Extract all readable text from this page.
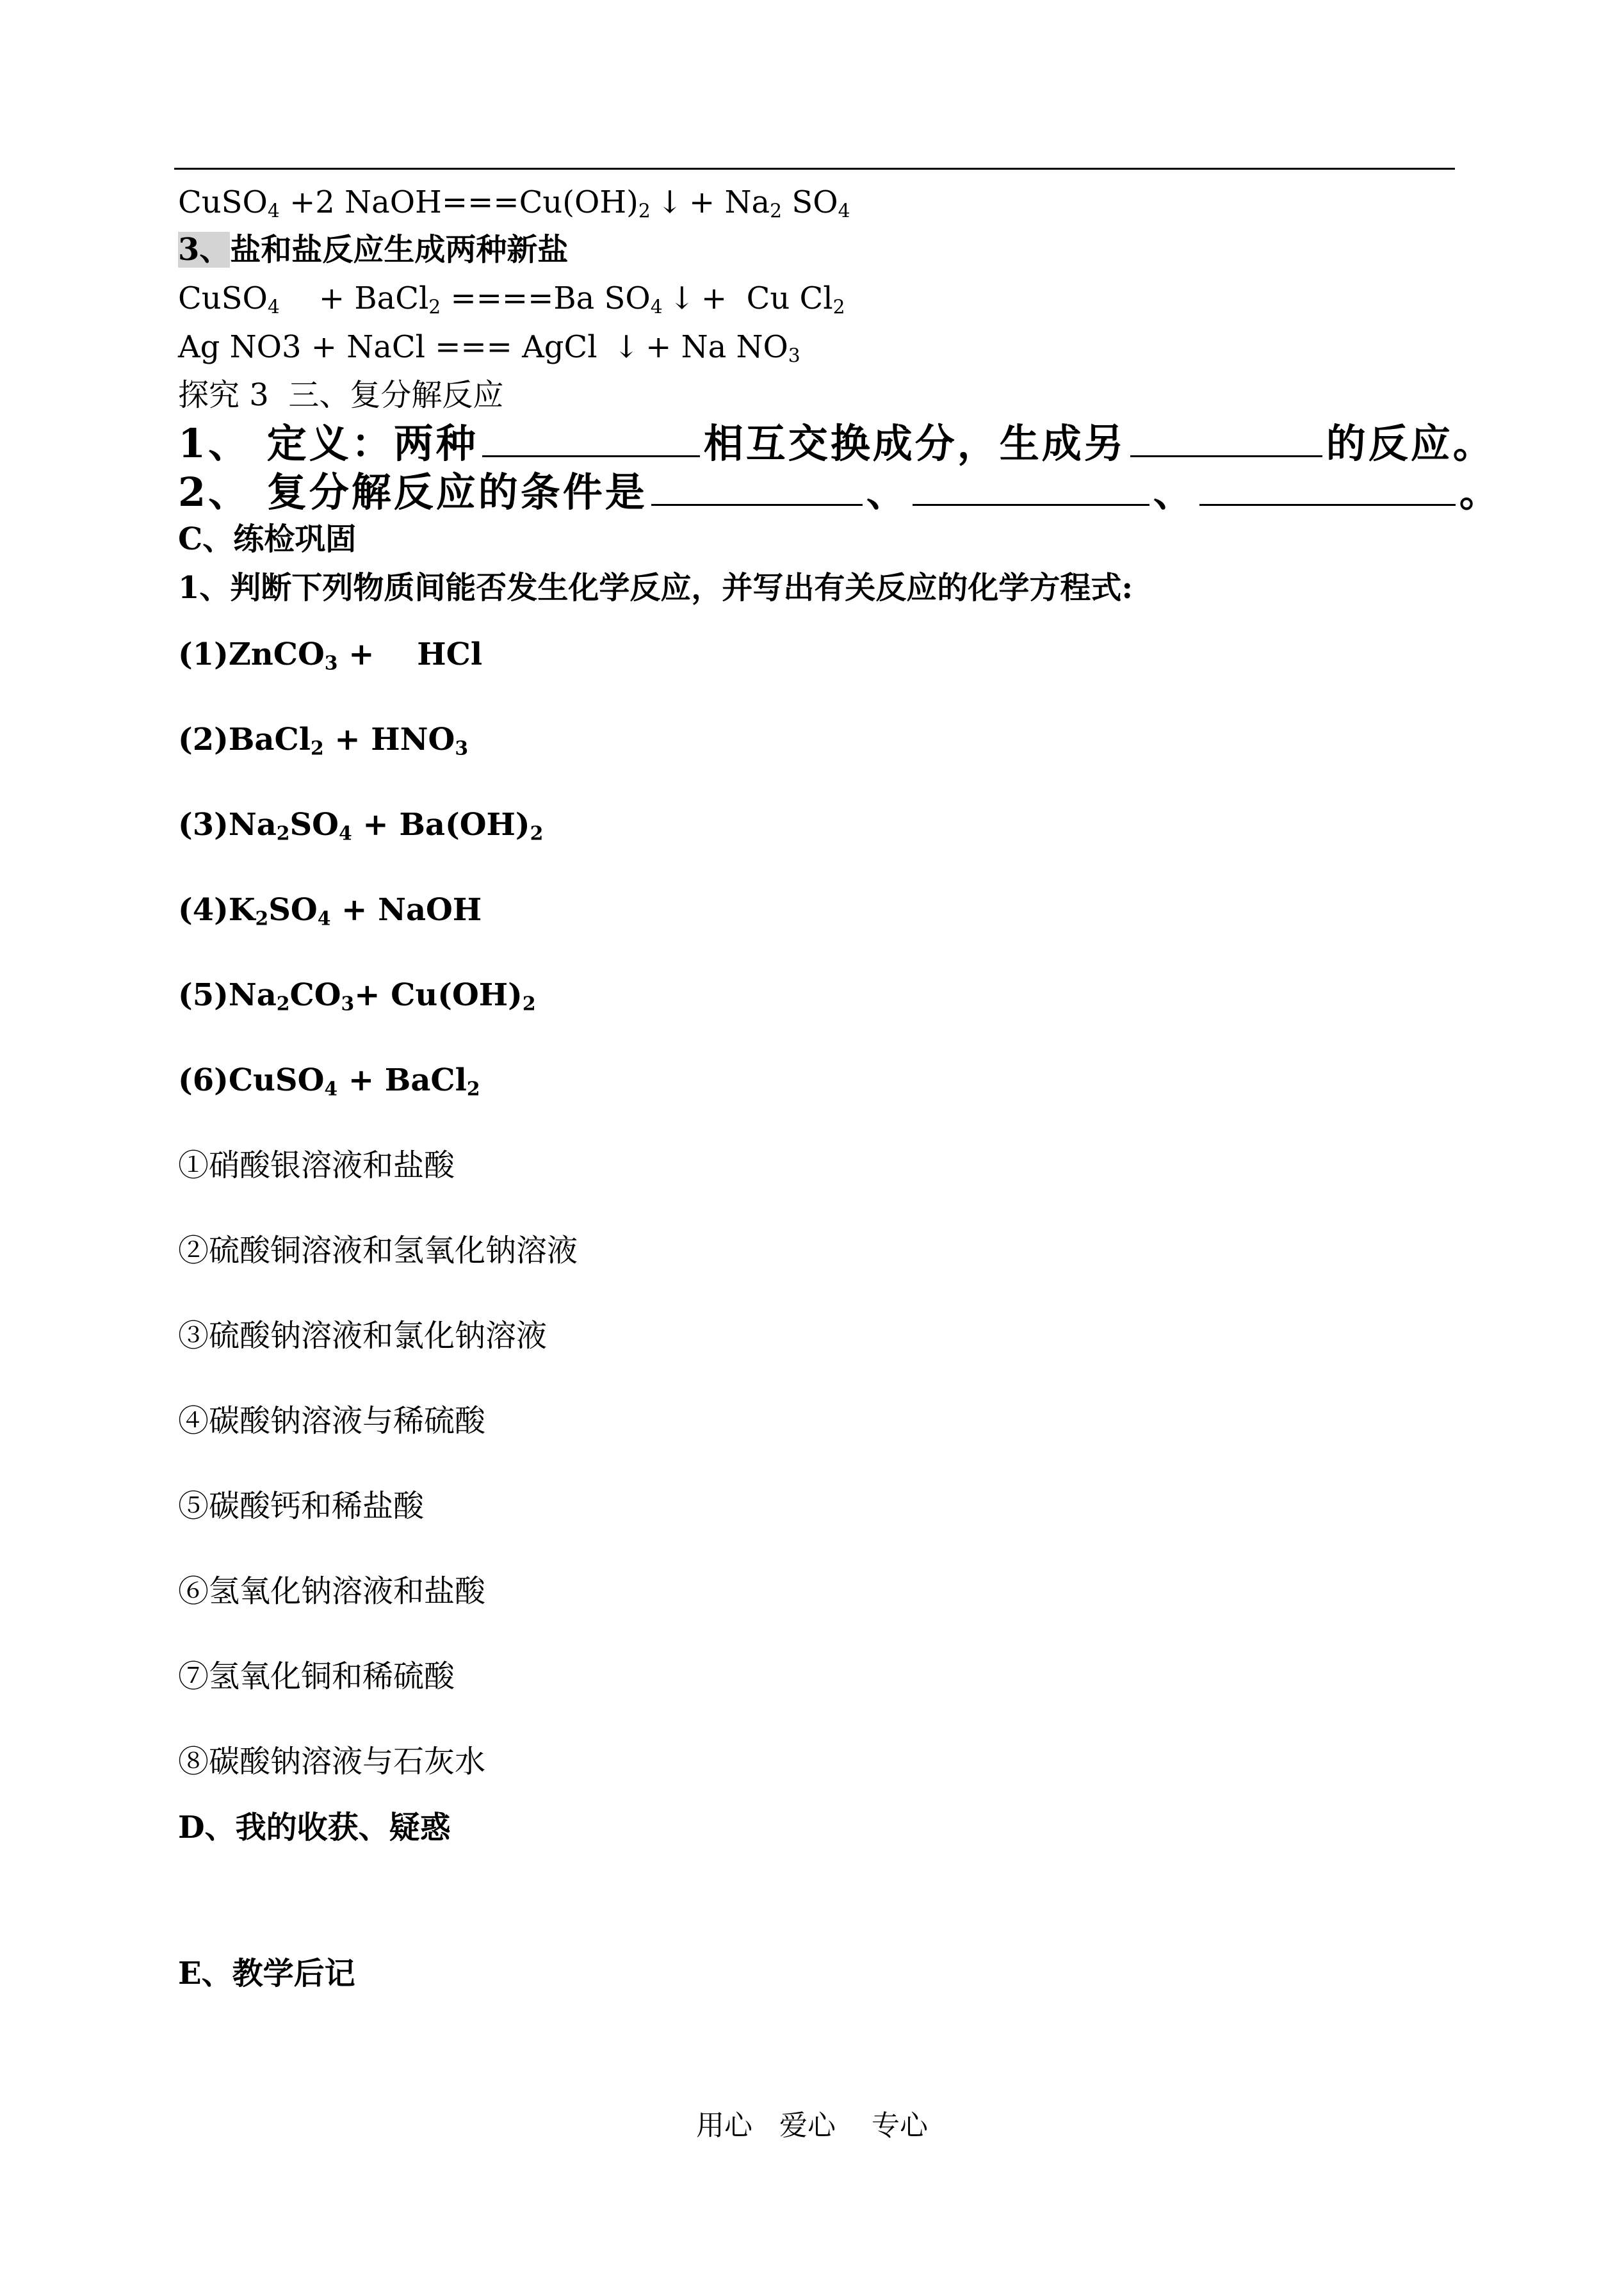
CuSO$_4$ +2 $NaOH===Cu(OH)_2$ ↓ + $Na_2$ $SO_4$
3、盐和盐反应生成两种新盐
CuSO$_4$    + BaCl$_2$ ====Ba $SO_4$ ↓ +  Cu $Cl_2$
Ag NO3 + NaCl === AgCl ↓ + Na $NO_3$
探究 3  三、复分解反应
1、 定义：两种	相互交换成分，生成另	的反应。
2、 复分解反应的条件是	、	、	。
C、练检巩固
1、判断下列物质间能否发生化学反应，并写出有关反应的化学方程式:
(1)ZnCO$_3$ +    HCl
(2)BaCl$_2$ + $HNO_3$
$(3)Na_2SO_4 + Ba(OH)_2$
$(4)K_2SO_4$ + NaOH
$(5)Na_2CO_3+ Cu(OH)_2$
(6)CuSO$_4$ + BaCl$_2$
①硝酸银溶液和盐酸
②硫酸铜溶液和氢氧化钠溶液
③硫酸钠溶液和氯化钠溶液
④碳酸钠溶液与稀硫酸
⑤碳酸钙和稀盐酸
⑥氢氧化钠溶液和盐酸
⑦氢氧化铜和稀硫酸
⑧碳酸钠溶液与石灰水
D、我的收获、疑惑
E、教学后记
用心   爱心    专心
